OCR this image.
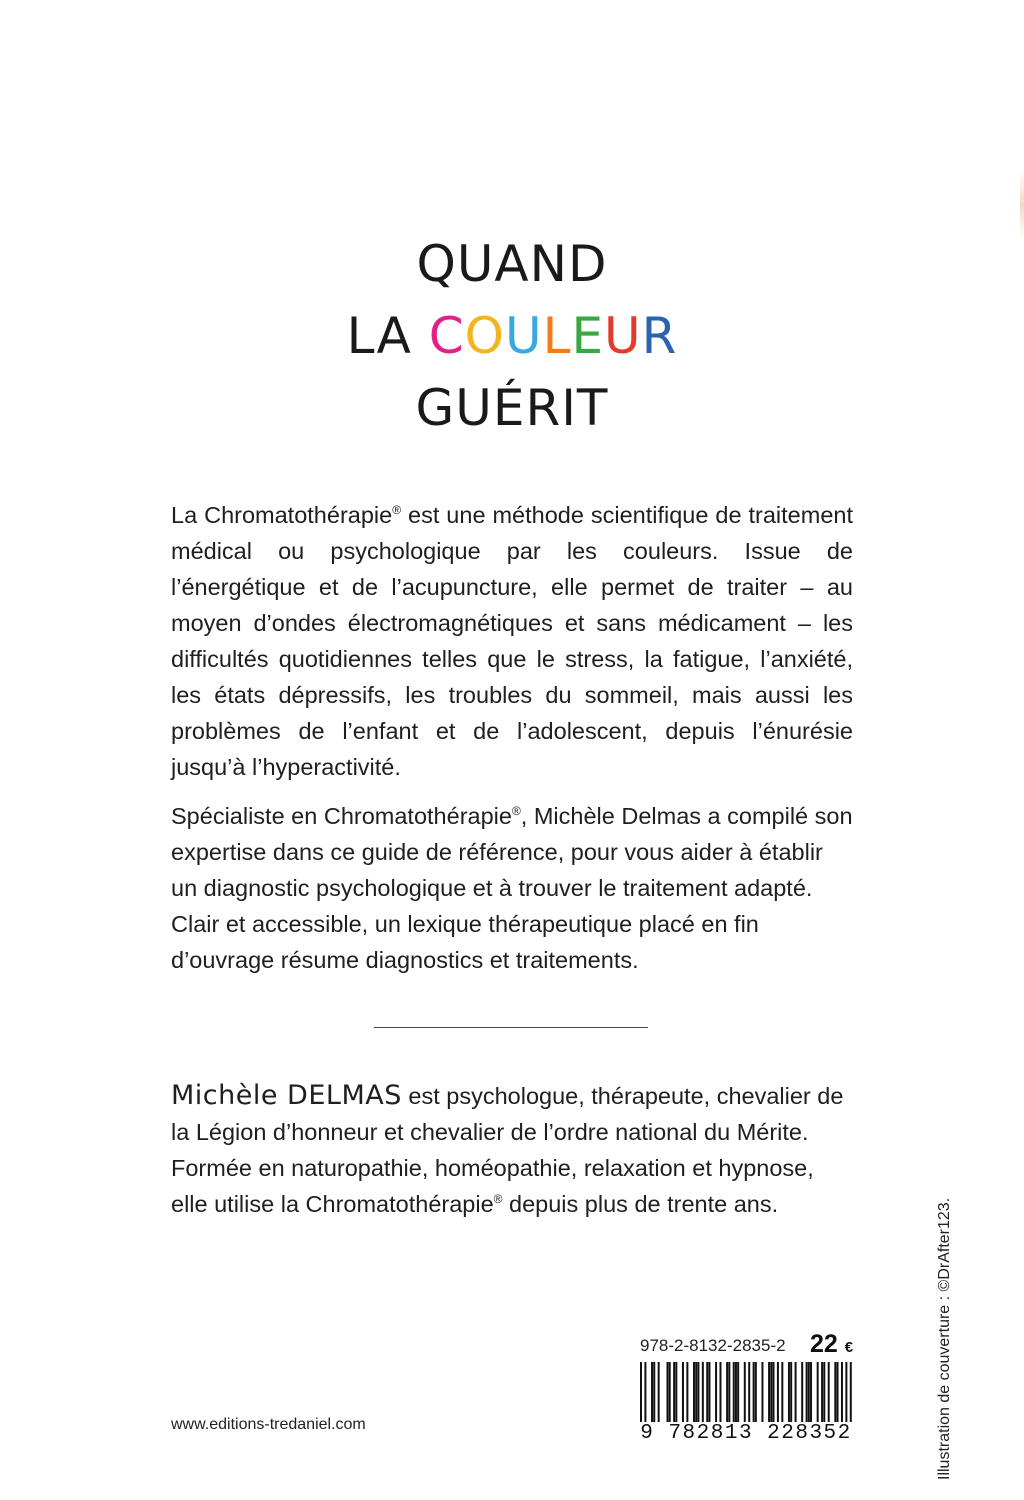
QUAND
LA COULEUR
GUÉRIT

La Chromatothérapie® est une méthode scientifique de traitement médical ou psychologique par les couleurs. Issue de l’énergétique et de l’acupuncture, elle permet de traiter – au moyen d’ondes électromagnétiques et sans médicament – les difficultés quotidiennes telles que le stress, la fatigue, l’anxiété, les états dépressifs, les troubles du sommeil, mais aussi les problèmes de l’enfant et de l’adolescent, depuis l’énurésie jusqu’à l’hyperactivité.

Spécialiste en Chromatothérapie®, Michèle Delmas a compilé son expertise dans ce guide de référence, pour vous aider à établir un diagnostic psychologique et à trouver le traitement adapté. Clair et accessible, un lexique thérapeutique placé en fin d’ouvrage résume diagnostics et traitements.

Michèle DELMAS est psychologue, thérapeute, chevalier de la Légion d’honneur et chevalier de l’ordre national du Mérite. Formée en naturopathie, homéopathie, relaxation et hypnose, elle utilise la Chromatothérapie® depuis plus de trente ans.

978-2-8132-2835-2 22 €
9 782813 228352
www.editions-tredaniel.com	Illustration de couverture : ©DrAfter123.
